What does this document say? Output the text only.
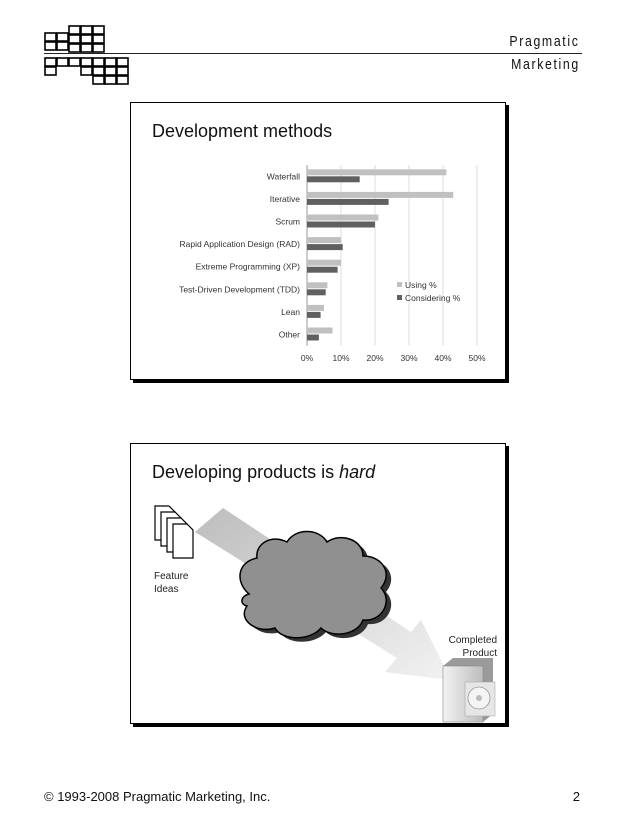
Pragmatic
Marketing
Development methods
0% 10% 20% 30% 40% 50%
Waterfall
Iterative
Scrum
Rapid Application Design (RAD)
Extreme Programming (XP)
Test-Driven Development (TDD)
Lean
Other
Using %
Considering %
Developing products is hard
Feature
Ideas
Completed
Product
© 1993-2008 Pragmatic Marketing, Inc.	2
